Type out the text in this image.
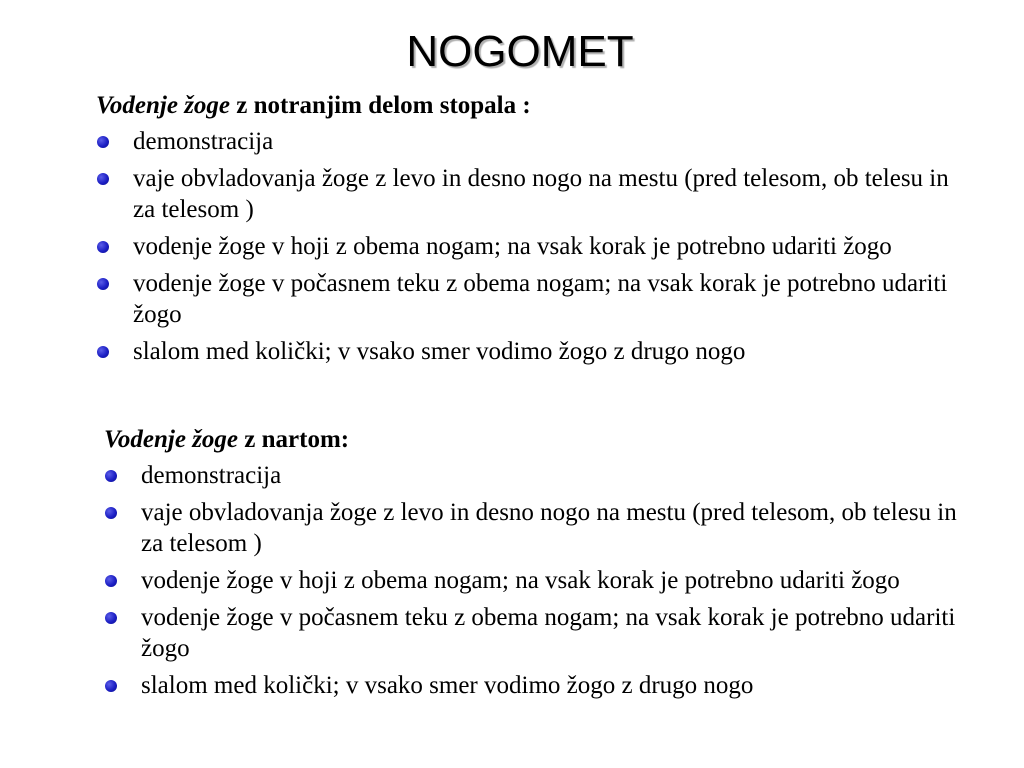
NOGOMET
Vodenje žoge z notranjim delom stopala :
demonstracija
vaje obvladovanja žoge z levo in desno nogo na mestu (pred telesom, ob telesu in za telesom )
vodenje žoge v hoji z obema nogam; na vsak korak je potrebno udariti žogo
vodenje žoge v počasnem teku z obema nogam; na vsak korak je potrebno udariti žogo
slalom med količki; v vsako smer vodimo žogo z drugo nogo
Vodenje žoge z nartom:
demonstracija
vaje obvladovanja žoge z levo in desno nogo na mestu (pred telesom, ob telesu in za telesom )
vodenje žoge v hoji z obema nogam; na vsak korak je potrebno udariti žogo
vodenje žoge v počasnem teku z obema nogam; na vsak korak je potrebno udariti žogo
slalom med količki; v vsako smer vodimo žogo z drugo nogo
